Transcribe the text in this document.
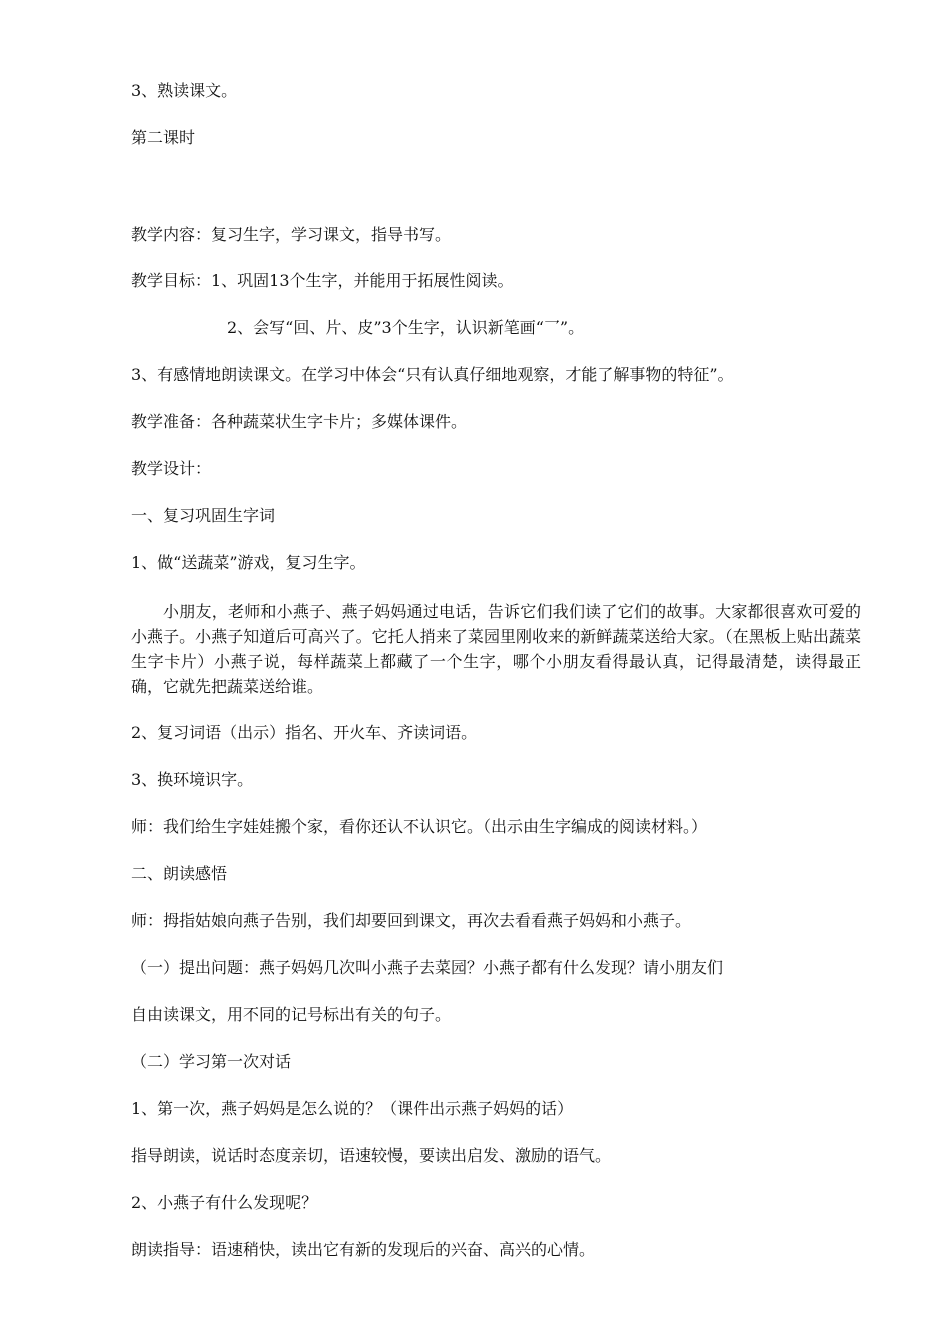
3、熟读课文。
第二课时
教学内容：复习生字，学习课文，指导书写。
教学目标：1、巩固13个生字，并能用于拓展性阅读。
2、会写“回、片、皮”3个生字，认识新笔画“乛”。
3、有感情地朗读课文。在学习中体会“只有认真仔细地观察，才能了解事物的特征”。
教学准备：各种蔬菜状生字卡片；多媒体课件。
教学设计：
一、复习巩固生字词
1、做“送蔬菜”游戏，复习生字。
小朋友，老师和小燕子、燕子妈妈通过电话，告诉它们我们读了它们的故事。大家都很喜欢可爱的小燕子。小燕子知道后可高兴了。它托人捎来了菜园里刚收来的新鲜蔬菜送给大家。（在黑板上贴出蔬菜生字卡片）小燕子说，每样蔬菜上都藏了一个生字，哪个小朋友看得最认真，记得最清楚，读得最正确，它就先把蔬菜送给谁。
2、复习词语（出示）指名、开火车、齐读词语。
3、换环境识字。
师：我们给生字娃娃搬个家，看你还认不认识它。（出示由生字编成的阅读材料。）
二、朗读感悟
师：拇指姑娘向燕子告别，我们却要回到课文，再次去看看燕子妈妈和小燕子。
（一）提出问题：燕子妈妈几次叫小燕子去菜园？小燕子都有什么发现？请小朋友们
自由读课文，用不同的记号标出有关的句子。
（二）学习第一次对话
1、第一次，燕子妈妈是怎么说的？（课件出示燕子妈妈的话）
指导朗读，说话时态度亲切，语速较慢，要读出启发、激励的语气。
2、小燕子有什么发现呢？
朗读指导：语速稍快，读出它有新的发现后的兴奋、高兴的心情。
